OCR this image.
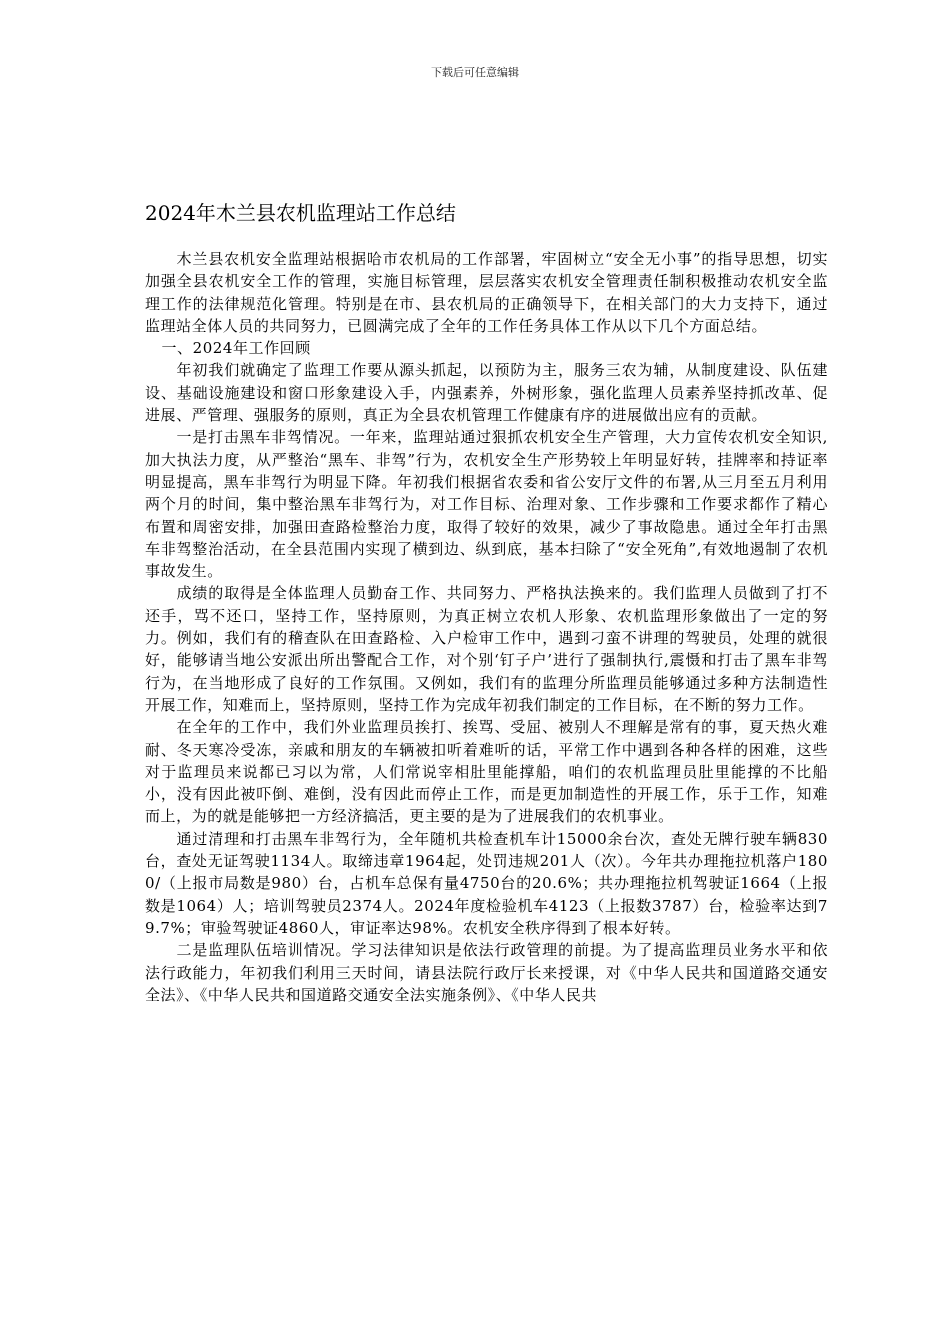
下载后可任意编辑
2024年木兰县农机监理站工作总结

木兰县农机安全监理站根据哈市农机局的工作部署，牢固树立“安全无小事”的指导思想，切实加强全县农机安全工作的管理，实施目标管理，层层落实农机安全管理责任制积极推动农机安全监理工作的法律规范化管理。特别是在市、县农机局的正确领导下，在相关部门的大力支持下，通过监理站全体人员的共同努力，已圆满完成了全年的工作任务具体工作从以下几个方面总结。

一、2024年工作回顾

年初我们就确定了监理工作要从源头抓起，以预防为主，服务三农为辅，从制度建设、队伍建设、基础设施建设和窗口形象建设入手，内强素养，外树形象，强化监理人员素养坚持抓改革、促进展、严管理、强服务的原则，真正为全县农机管理工作健康有序的进展做出应有的贡献。

一是打击黑车非驾情况。一年来，监理站通过狠抓农机安全生产管理，大力宣传农机安全知识,加大执法力度，从严整治“黑车、非驾”行为，农机安全生产形势较上年明显好转，挂牌率和持证率明显提高，黑车非驾行为明显下降。年初我们根据省农委和省公安厅文件的布署,从三月至五月利用两个月的时间，集中整治黑车非驾行为，对工作目标、治理对象、工作步骤和工作要求都作了精心布置和周密安排，加强田查路检整治力度，取得了较好的效果，减少了事故隐患。通过全年打击黑车非驾整治活动，在全县范围内实现了横到边、纵到底，基本扫除了“安全死角”,有效地遏制了农机事故发生。

成绩的取得是全体监理人员勤奋工作、共同努力、严格执法换来的。我们监理人员做到了打不还手，骂不还口，坚持工作，坚持原则，为真正树立农机人形象、农机监理形象做出了一定的努力。例如，我们有的稽查队在田查路检、入户检审工作中，遇到刁蛮不讲理的驾驶员，处理的就很好，能够请当地公安派出所出警配合工作，对个别‘钉子户’进行了强制执行,震慑和打击了黑车非驾行为，在当地形成了良好的工作氛围。又例如，我们有的监理分所监理员能够通过多种方法制造性开展工作，知难而上，坚持原则，坚持工作为完成年初我们制定的工作目标，在不断的努力工作。

在全年的工作中，我们外业监理员挨打、挨骂、受屈、被别人不理解是常有的事，夏天热火难耐、冬天寒冷受冻，亲戚和朋友的车辆被扣听着难听的话，平常工作中遇到各种各样的困难，这些对于监理员来说都已习以为常，人们常说宰相肚里能撑船，咱们的农机监理员肚里能撑的不比船小，没有因此被吓倒、难倒，没有因此而停止工作，而是更加制造性的开展工作，乐于工作，知难而上，为的就是能够把一方经济搞活，更主要的是为了进展我们的农机事业。

通过清理和打击黑车非驾行为，全年随机共检查机车计15000余台次，查处无牌行驶车辆830台，查处无证驾驶1134人。取缔违章1964起，处罚违规201人（次）。今年共办理拖拉机落户1800/（上报市局数是980）台，占机车总保有量4750台的20.6%；共办理拖拉机驾驶证1664（上报数是1064）人；培训驾驶员2374人。2024年度检验机车4123（上报数3787）台，检验率达到79.7%；审验驾驶证4860人，审证率达98%。农机安全秩序得到了根本好转。

二是监理队伍培训情况。学习法律知识是依法行政管理的前提。为了提高监理员业务水平和依法行政能力，年初我们利用三天时间，请县法院行政厅长来授课，对《中华人民共和国道路交通安全法》、《中华人民共和国道路交通安全法实施条例》、《中华人民共
